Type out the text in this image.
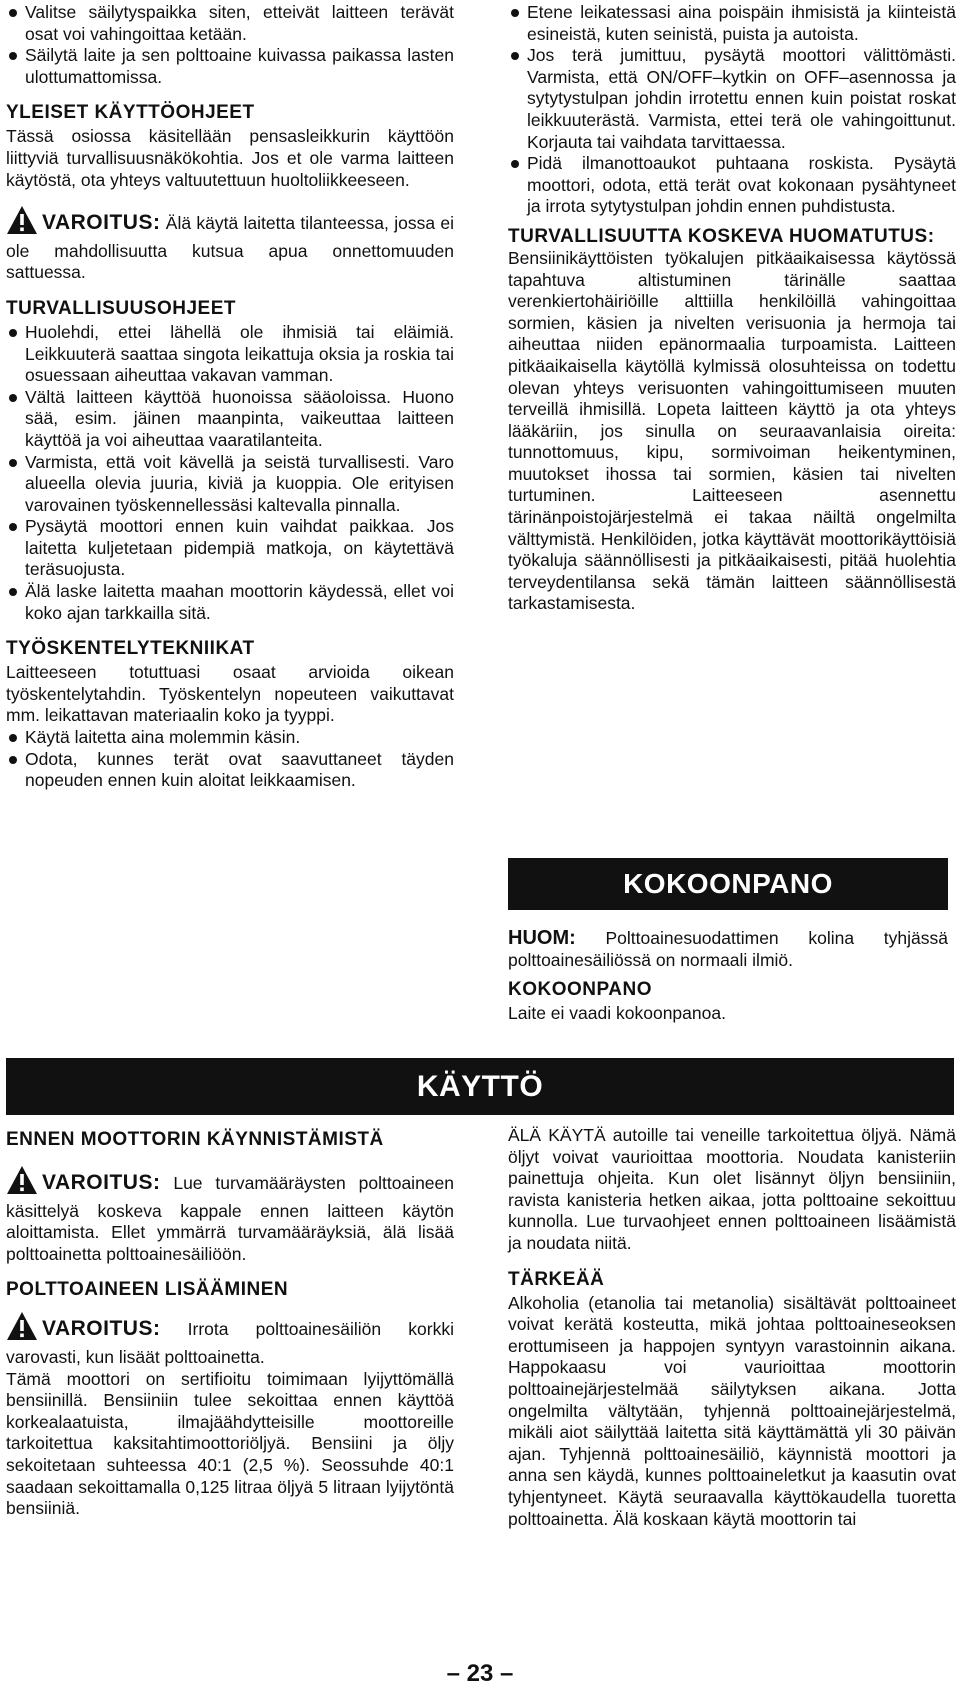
Valitse säilytyspaikka siten, etteivät laitteen terävät osat voi vahingoittaa ketään.
Säilytä laite ja sen polttoaine kuivassa paikassa lasten ulottumattomissa.
YLEISET KÄYTTÖOHJEET

Tässä osiossa käsitellään pensasleikkurin käyttöön liittyviä turvallisuusnäkökohtia. Jos et ole varma laitteen käytöstä, ota yhteys valtuutettuun huoltoliikkeeseen.

VAROITUS: Älä käytä laitetta tilanteessa, jossa ei ole mahdollisuutta kutsua apua onnettomuuden sattuessa.

TURVALLISUUSOHJEET
Huolehdi, ettei lähellä ole ihmisiä tai eläimiä. Leikkuuterä saattaa singota leikattuja oksia ja roskia tai osuessaan aiheuttaa vakavan vamman.
Vältä laitteen käyttöä huonoissa sääoloissa. Huono sää, esim. jäinen maanpinta, vaikeuttaa laitteen käyttöä ja voi aiheuttaa vaaratilanteita.
Varmista, että voit kävellä ja seistä turvallisesti. Varo alueella olevia juuria, kiviä ja kuoppia. Ole erityisen varovainen työskennellessäsi kaltevalla pinnalla.
Pysäytä moottori ennen kuin vaihdat paikkaa. Jos laitetta kuljetetaan pidempiä matkoja, on käytettävä teräsuojusta.
Älä laske laitetta maahan moottorin käydessä, ellet voi koko ajan tarkkailla sitä.
TYÖSKENTELYTEKNIIKAT

Laitteeseen totuttuasi osaat arvioida oikean työskentelytahdin. Työskentelyn nopeuteen vaikuttavat mm. leikattavan materiaalin koko ja tyyppi.

Käytä laitetta aina molemmin käsin.
Odota, kunnes terät ovat saavuttaneet täyden nopeuden ennen kuin aloitat leikkaamisen.
Etene leikatessasi aina poispäin ihmisistä ja kiinteistä esineistä, kuten seinistä, puista ja autoista.
Jos terä jumittuu, pysäytä moottori välittömästi. Varmista, että ON/OFF–kytkin on OFF–asennossa ja sytytystulpan johdin irrotettu ennen kuin poistat roskat leikkuuterästä. Varmista, ettei terä ole vahingoittunut. Korjauta tai vaihdata tarvittaessa.
Pidä ilmanottoaukot puhtaana roskista. Pysäytä moottori, odota, että terät ovat kokonaan pysähtyneet ja irrota sytytystulpan johdin ennen puhdistusta.
TURVALLISUUTTA KOSKEVA HUOMATUTUS:

Bensiinikäyttöisten työkalujen pitkäaikaisessa käytössä tapahtuva altistuminen tärinälle saattaa verenkiertohäiriöille alttiilla henkilöillä vahingoittaa sormien, käsien ja nivelten verisuonia ja hermoja tai aiheuttaa niiden epänormaalia turpoamista. Laitteen pitkäaikaisella käytöllä kylmissä olosuhteissa on todettu olevan yhteys verisuonten vahingoittumiseen muuten terveillä ihmisillä. Lopeta laitteen käyttö ja ota yhteys lääkäriin, jos sinulla on seuraavanlaisia oireita: tunnottomuus, kipu, sormivoiman heikentyminen, muutokset ihossa tai sormien, käsien tai nivelten turtuminen. Laitteeseen asennettu tärinänpoistojärjestelmä ei takaa näiltä ongelmilta välttymistä. Henkilöiden, jotka käyttävät moottorikäyttöisiä työkaluja säännöllisesti ja pitkäaikaisesti, pitää huolehtia terveydentilansa sekä tämän laitteen säännöllisestä tarkastamisesta.

KOKOONPANO

HUOM: Polttoainesuodattimen kolina tyhjässä polttoainesäiliössä on normaali ilmiö.

KOKOONPANO

Laite ei vaadi kokoonpanoa.

KÄYTTÖ
ENNEN MOOTTORIN KÄYNNISTÄMISTÄ

VAROITUS: Lue turvamääräysten polttoaineen käsittelyä koskeva kappale ennen laitteen käytön aloittamista. Ellet ymmärrä turvamääräyksiä, älä lisää polttoainetta polttoainesäiliöön.

POLTTOAINEEN LISÄÄMINEN

VAROITUS: Irrota polttoainesäiliön korkki varovasti, kun lisäät polttoainetta.

Tämä moottori on sertifioitu toimimaan lyijyttömällä bensiinillä. Bensiiniin tulee sekoittaa ennen käyttöä korkealaatuista, ilmajäähdytteisille moottoreille tarkoitettua kaksitahtimoottoriöljyä. Bensiini ja öljy sekoitetaan suhteessa 40:1 (2,5 %). Seossuhde 40:1 saadaan sekoittamalla 0,125 litraa öljyä 5 litraan lyijytöntä bensiiniä.

ÄLÄ KÄYTÄ autoille tai veneille tarkoitettua öljyä. Nämä öljyt voivat vaurioittaa moottoria. Noudata kanisteriin painettuja ohjeita. Kun olet lisännyt öljyn bensiiniin, ravista kanisteria hetken aikaa, jotta polttoaine sekoittuu kunnolla. Lue turvaohjeet ennen polttoaineen lisäämistä ja noudata niitä.

TÄRKEÄÄ

Alkoholia (etanolia tai metanolia) sisältävät polttoaineet voivat kerätä kosteutta, mikä johtaa polttoaineseoksen erottumiseen ja happojen syntyyn varastoinnin aikana. Happokaasu voi vaurioittaa moottorin polttoainejärjestelmää säilytyksen aikana. Jotta ongelmilta vältytään, tyhjennä polttoainejärjestelmä, mikäli aiot säilyttää laitetta sitä käyttämättä yli 30 päivän ajan. Tyhjennä polttoainesäiliö, käynnistä moottori ja anna sen käydä, kunnes polttoaineletkut ja kaasutin ovat tyhjentyneet. Käytä seuraavalla käyttökaudella tuoretta polttoainetta. Älä koskaan käytä moottorin tai

– 23 –
